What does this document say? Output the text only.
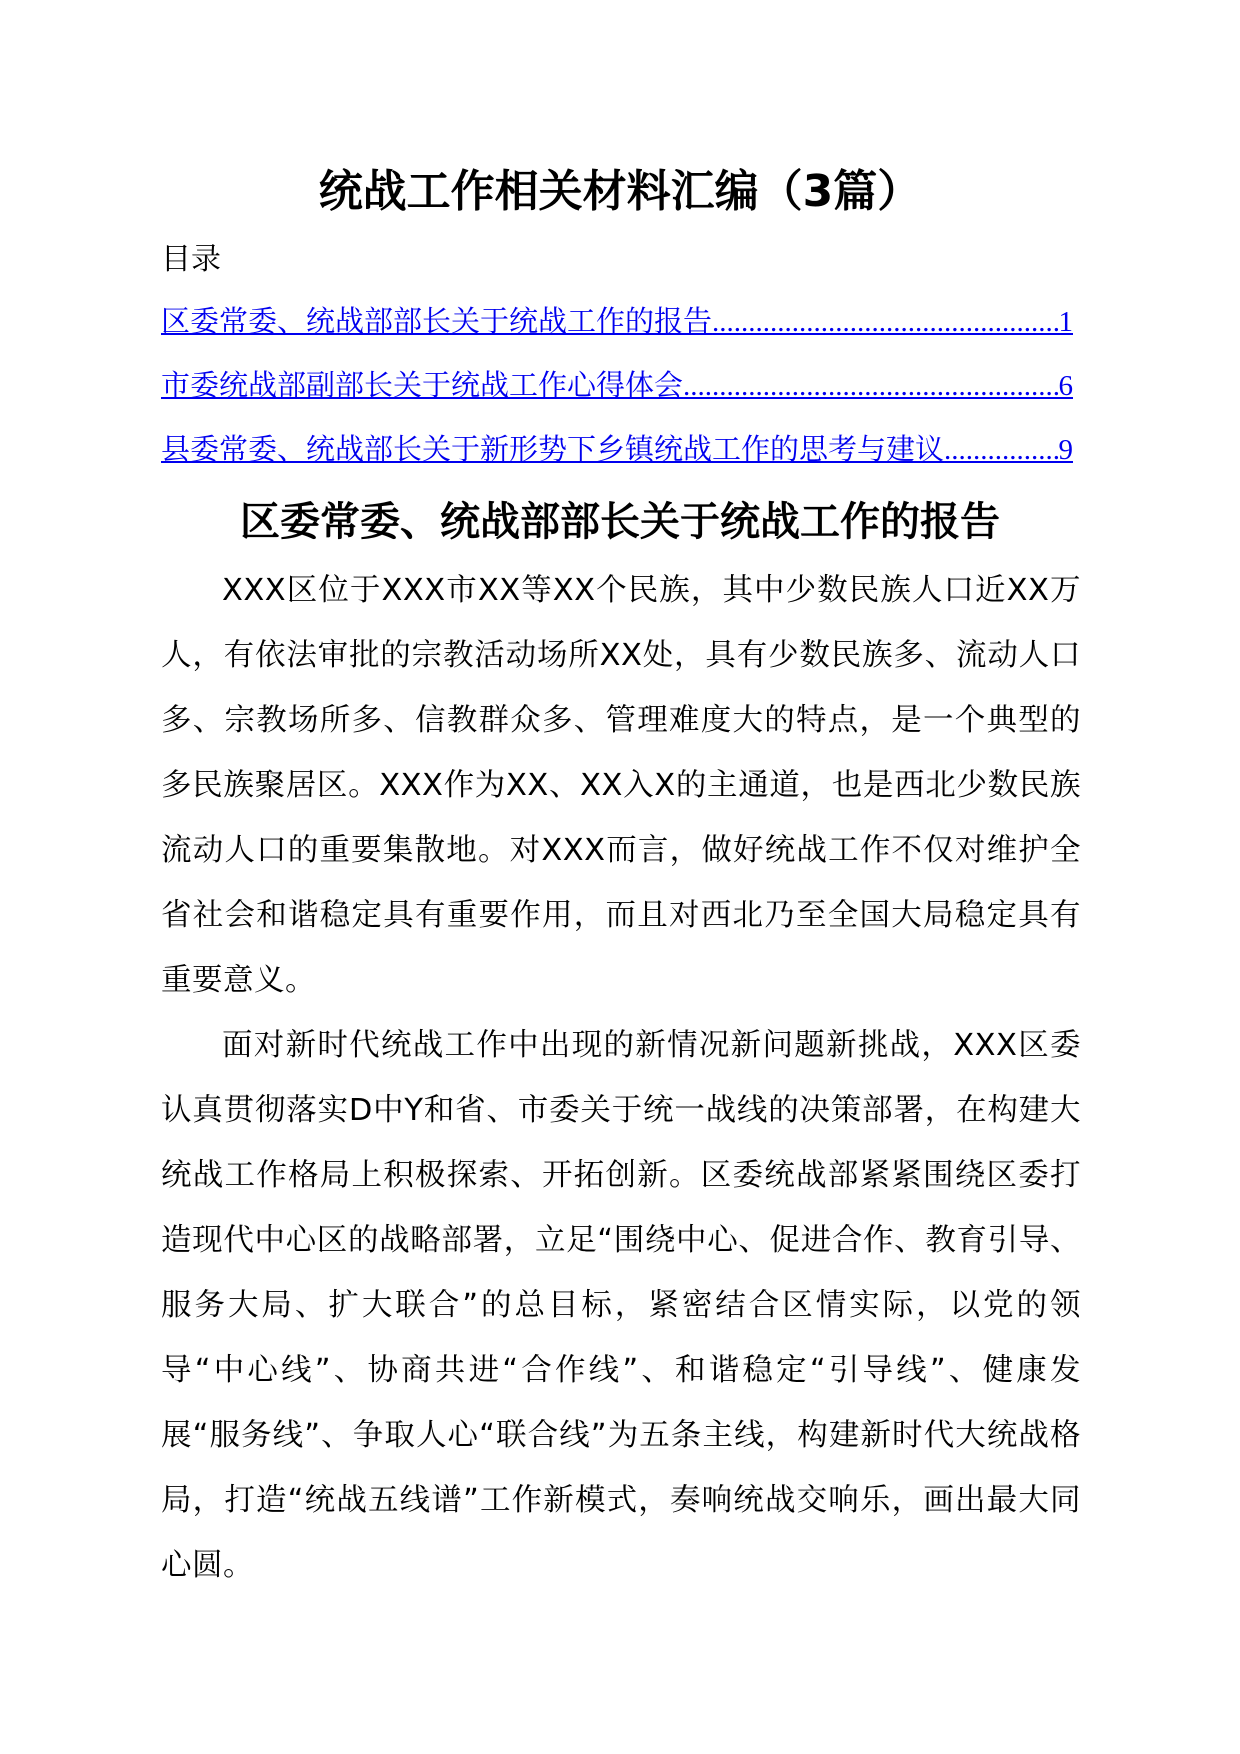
统战工作相关材料汇编（3篇）
目录
区委常委、统战部部长关于统战工作的报告 .....	1
市委统战部副部长关于统战工作心得体会 .....	6
县委常委、统战部长关于新形势下乡镇统战工作的思考与建议 .....	9
区委常委、统战部部长关于统战工作的报告

XXX区位于XXX市XX等XX个民族，其中少数民族人口近XX万人，有依法审批的宗教活动场所XX处，具有少数民族多、流动人口多、宗教场所多、信教群众多、管理难度大的特点，是一个典型的多民族聚居区。XXX作为XX、XX入X的主通道，也是西北少数民族流动人口的重要集散地。对XXX而言，做好统战工作不仅对维护全省社会和谐稳定具有重要作用，而且对西北乃至全国大局稳定具有重要意义。

面对新时代统战工作中出现的新情况新问题新挑战，XXX区委认真贯彻落实D中Y和省、市委关于统一战线的决策部署，在构建大统战工作格局上积极探索、开拓创新。区委统战部紧紧围绕区委打造现代中心区的战略部署，立足“围绕中心、促进合作、教育引导、服务大局、扩大联合”的总目标，紧密结合区情实际，以党的领导“中心线”、协商共进“合作线”、和谐稳定“引导线”、健康发展“服务线”、争取人心“联合线”为五条主线，构建新时代大统战格局，打造“统战五线谱”工作新模式，奏响统战交响乐，画出最大同心圆。
